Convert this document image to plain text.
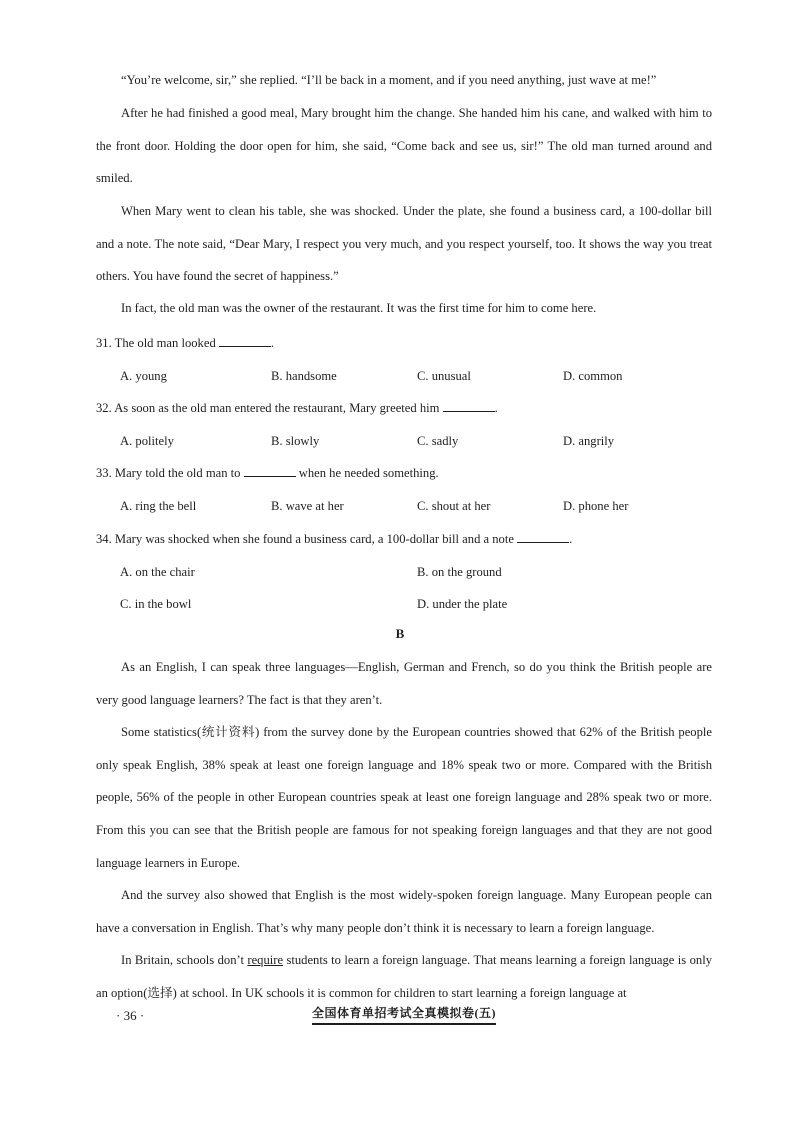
“You’re welcome, sir,” she replied. “I’ll be back in a moment, and if you need anything, just wave at me!”

After he had finished a good meal, Mary brought him the change. She handed him his cane, and walked with him to the front door. Holding the door open for him, she said, “Come back and see us, sir!” The old man turned around and smiled.

When Mary went to clean his table, she was shocked. Under the plate, she found a business card, a 100-dollar bill and a note. The note said, “Dear Mary, I respect you very much, and you respect yourself, too. It shows the way you treat others. You have found the secret of happiness.”

In fact, the old man was the owner of the restaurant. It was the first time for him to come here.

31. The old man looked	.
A. young	B. handsome	C. unusual	D. common
32. As soon as the old man entered the restaurant, Mary greeted him	.
A. politely	B. slowly	C. sadly	D. angrily
33. Mary told the old man to	when he needed something.
A. ring the bell	B. wave at her	C. shout at her	D. phone her
34. Mary was shocked when she found a business card, a 100-dollar bill and a note	.
A. on the chair	B. on the ground
C. in the bowl	D. under the plate
B

As an English, I can speak three languages—English, German and French, so do you think the British people are very good language learners? The fact is that they aren’t.

Some statistics(统计资料) from the survey done by the European countries showed that 62% of the British people only speak English, 38% speak at least one foreign language and 18% speak two or more. Compared with the British people, 56% of the people in other European countries speak at least one foreign language and 28% speak two or more. From this you can see that the British people are famous for not speaking foreign languages and that they are not good language learners in Europe.

And the survey also showed that English is the most widely-spoken foreign language. Many European people can have a conversation in English. That’s why many people don’t think it is necessary to learn a foreign language.

In Britain, schools don’t require students to learn a foreign language. That means learning a foreign language is only an option(选择) at school. In UK schools it is common for children to start learning a foreign language at

· 36 ·	全国体育单招考试全真模拟卷(五)
